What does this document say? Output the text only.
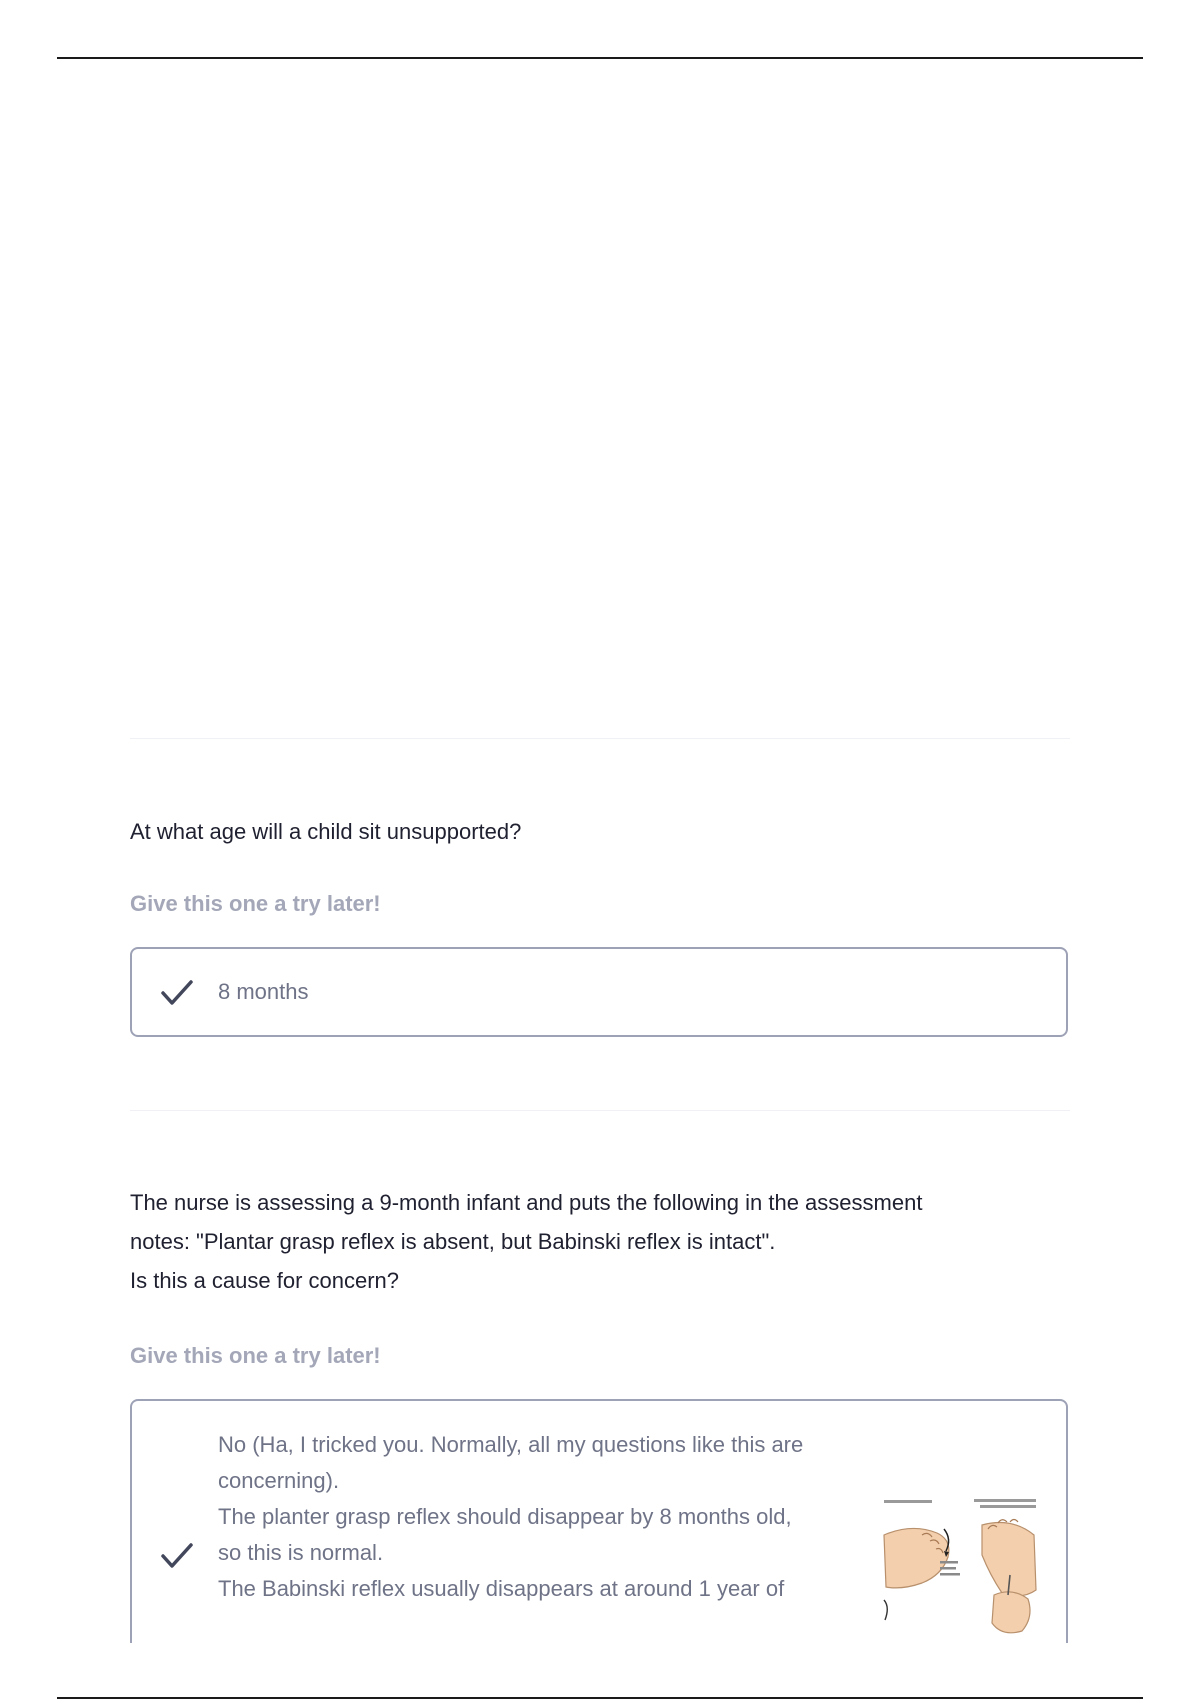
At what age will a child sit unsupported?
Give this one a try later!
8 months
The nurse is assessing a 9-month infant and puts the following in the assessment
notes: "Plantar grasp reflex is absent, but Babinski reflex is intact".
Is this a cause for concern?
Give this one a try later!
No (Ha, I tricked you. Normally, all my questions like this are
concerning).
The planter grasp reflex should disappear by 8 months old,
so this is normal.
The Babinski reflex usually disappears at around 1 year of
